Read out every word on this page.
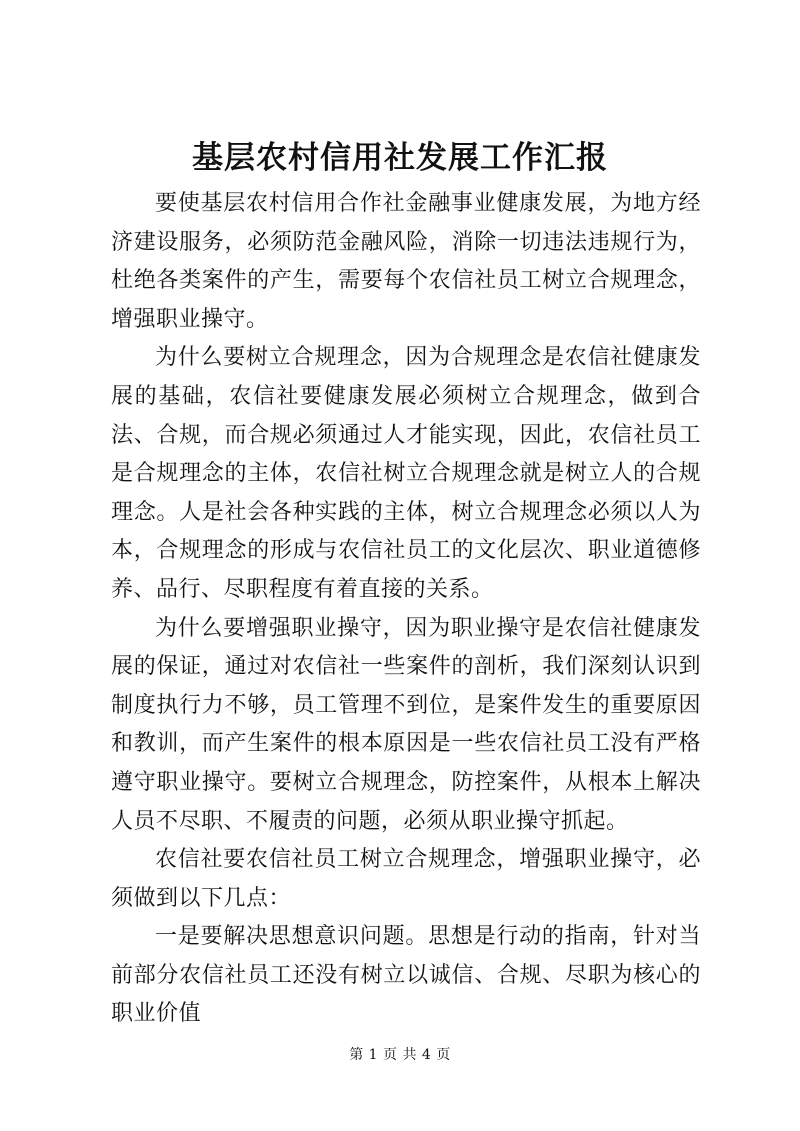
基层农村信用社发展工作汇报

要使基层农村信用合作社金融事业健康发展，为地方经济建设服务，必须防范金融风险，消除一切违法违规行为，杜绝各类案件的产生，需要每个农信社员工树立合规理念，增强职业操守。

为什么要树立合规理念，因为合规理念是农信社健康发展的基础，农信社要健康发展必须树立合规理念，做到合法、合规，而合规必须通过人才能实现，因此，农信社员工是合规理念的主体，农信社树立合规理念就是树立人的合规理念。人是社会各种实践的主体，树立合规理念必须以人为本，合规理念的形成与农信社员工的文化层次、职业道德修养、品行、尽职程度有着直接的关系。

为什么要增强职业操守，因为职业操守是农信社健康发展的保证，通过对农信社一些案件的剖析，我们深刻认识到制度执行力不够，员工管理不到位，是案件发生的重要原因和教训，而产生案件的根本原因是一些农信社员工没有严格遵守职业操守。要树立合规理念，防控案件，从根本上解决人员不尽职、不履责的问题，必须从职业操守抓起。

农信社要农信社员工树立合规理念，增强职业操守，必须做到以下几点：

一是要解决思想意识问题。思想是行动的指南，针对当前部分农信社员工还没有树立以诚信、合规、尽职为核心的职业价值

第 1 页 共 4 页
